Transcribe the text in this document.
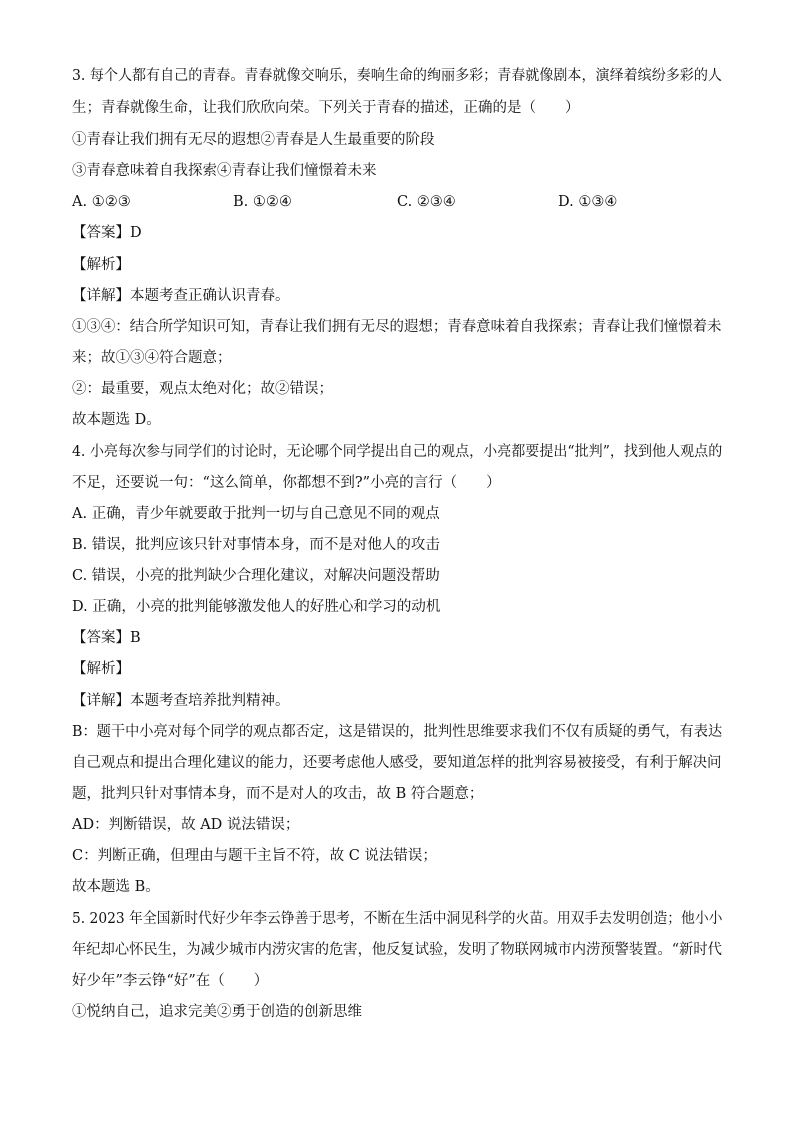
3. 每个人都有自己的青春。青春就像交响乐，奏响生命的绚丽多彩；青春就像剧本，演绎着缤纷多彩的人
生；青春就像生命，让我们欣欣向荣。下列关于青春的描述，正确的是（　　）
①青春让我们拥有无尽的遐想②青春是人生最重要的阶段
③青春意味着自我探索④青春让我们憧憬着未来
A. ①②③	B. ①②④	C. ②③④	D. ①③④
【答案】D
【解析】
【详解】本题考查正确认识青春。
①③④：结合所学知识可知，青春让我们拥有无尽的遐想；青春意味着自我探索；青春让我们憧憬着未
来；故①③④符合题意；
②：最重要，观点太绝对化；故②错误；
故本题选 D。
4. 小亮每次参与同学们的讨论时，无论哪个同学提出自己的观点，小亮都要提出“批判”，找到他人观点的
不足，还要说一句：“这么简单，你都想不到?”小亮的言行（　　）
A. 正确，青少年就要敢于批判一切与自己意见不同的观点
B. 错误，批判应该只针对事情本身，而不是对他人的攻击
C. 错误，小亮的批判缺少合理化建议，对解决问题没帮助
D. 正确，小亮的批判能够激发他人的好胜心和学习的动机
【答案】B
【解析】
【详解】本题考查培养批判精神。
B：题干中小亮对每个同学的观点都否定，这是错误的，批判性思维要求我们不仅有质疑的勇气，有表达
自己观点和提出合理化建议的能力，还要考虑他人感受，要知道怎样的批判容易被接受，有利于解决问
题，批判只针对事情本身，而不是对人的攻击，故 B 符合题意；
AD：判断错误，故 AD 说法错误；
C：判断正确，但理由与题干主旨不符，故 C 说法错误；
故本题选 B。
5. 2023 年全国新时代好少年李云铮善于思考，不断在生活中洞见科学的火苗。用双手去发明创造；他小小
年纪却心怀民生，为减少城市内涝灾害的危害，他反复试验，发明了物联网城市内涝预警装置。“新时代
好少年”李云铮“好”在（　　）
①悦纳自己，追求完美②勇于创造的创新思维
